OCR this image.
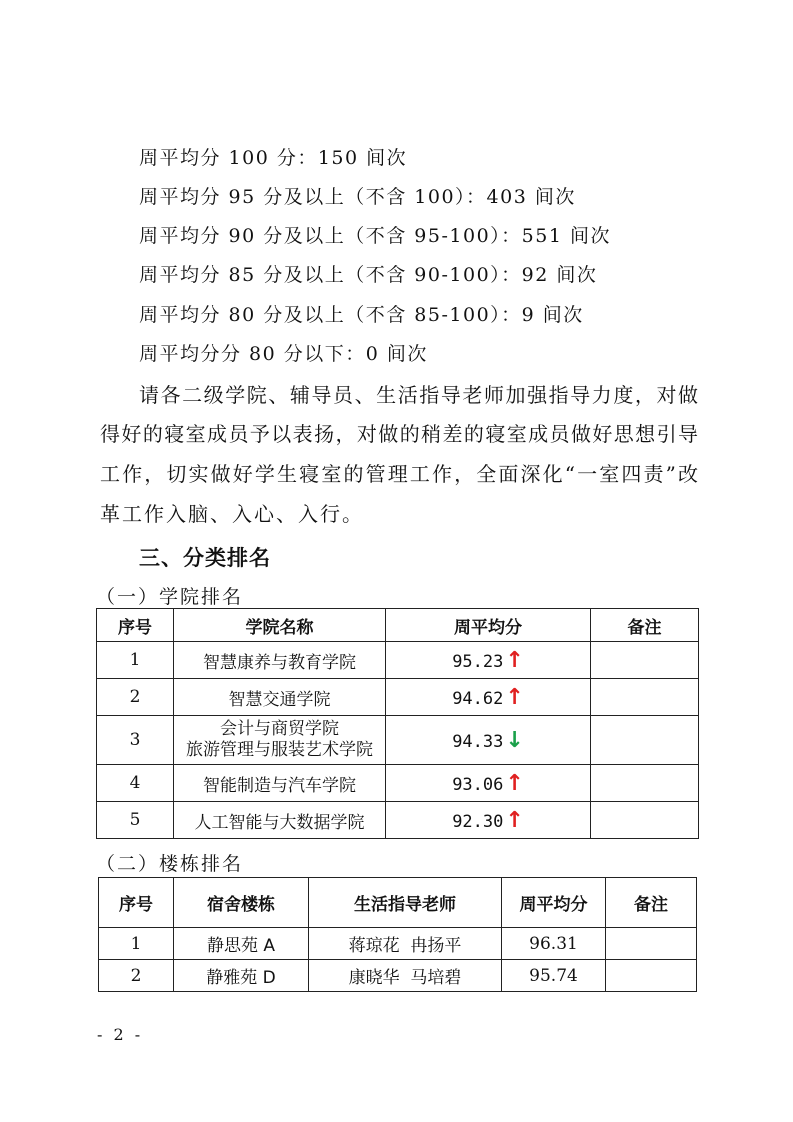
周平均分 100 分：150 间次
周平均分 95 分及以上（不含 100）：403 间次
周平均分 90 分及以上（不含 95-100）：551 间次
周平均分 85 分及以上（不含 90-100）：92 间次
周平均分 80 分及以上（不含 85-100）：9 间次
周平均分分 80 分以下：0 间次
请各二级学院、辅导员、生活指导老师加强指导力度，对做
得好的寝室成员予以表扬，对做的稍差的寝室成员做好思想引导
工作，切实做好学生寝室的管理工作，全面深化“一室四责”改
革工作入脑、入心、入行。
三、分类排名
（一）学院排名
序号	学院名称	周平均分	备注
1	智慧康养与教育学院	95.23↑	
2	智慧交通学院	94.62↑	
3	会计与商贸学院
旅游管理与服装艺术学院	94.33↓	
4	智能制造与汽车学院	93.06↑	
5	人工智能与大数据学院	92.30↑	
（二）楼栋排名
序号	宿舍楼栋	生活指导老师	周平均分	备注
1	静思苑 A	蒋琼花  冉扬平	96.31	
2	静雅苑 D	康晓华  马培碧	95.74	
- 2 -
